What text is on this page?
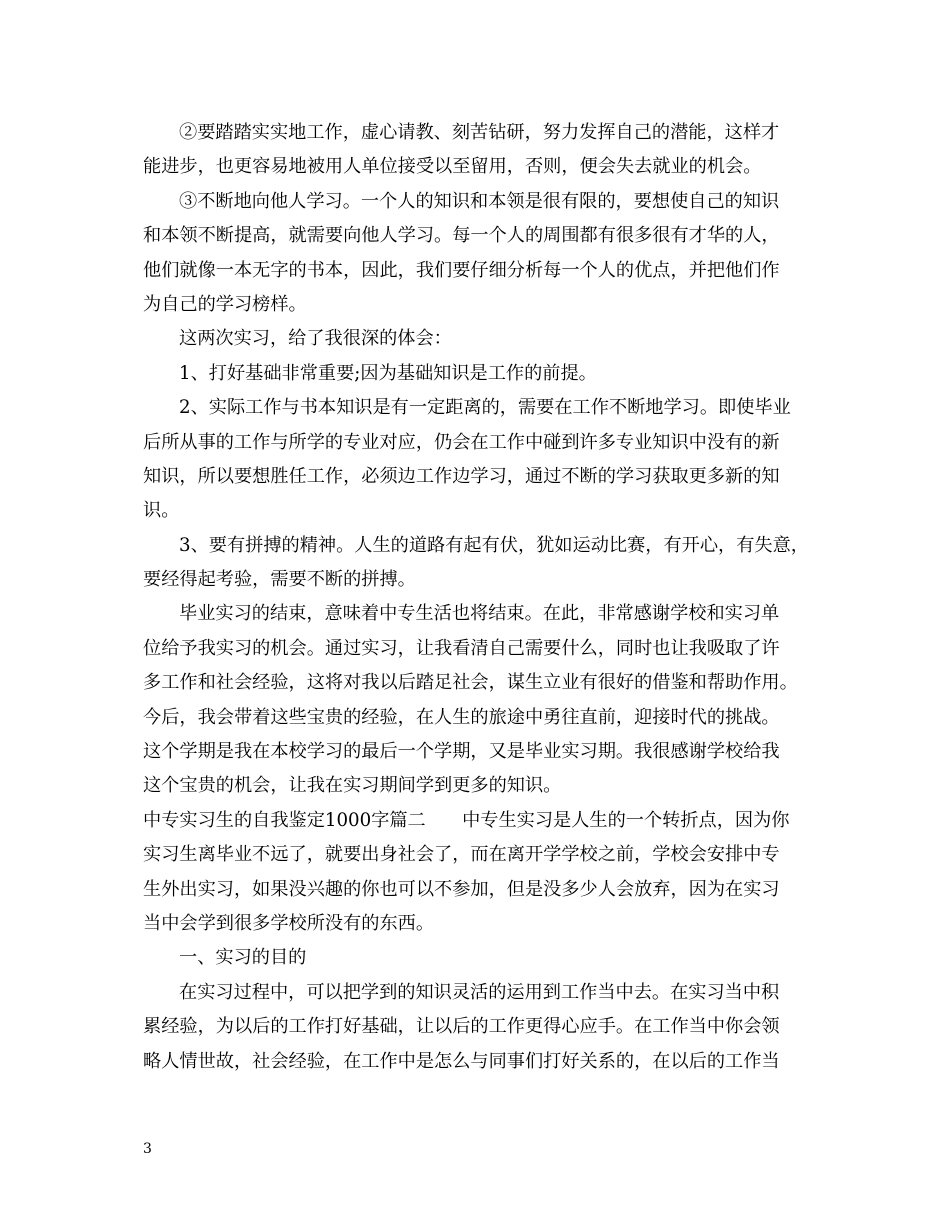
②要踏踏实实地工作，虚心请教、刻苦钻研，努力发挥自己的潜能，这样才
能进步，也更容易地被用人单位接受以至留用，否则，便会失去就业的机会。
③不断地向他人学习。一个人的知识和本领是很有限的，要想使自己的知识
和本领不断提高，就需要向他人学习。每一个人的周围都有很多很有才华的人，
他们就像一本无字的书本，因此，我们要仔细分析每一个人的优点，并把他们作
为自己的学习榜样。
这两次实习，给了我很深的体会：
1、打好基础非常重要;因为基础知识是工作的前提。
2、实际工作与书本知识是有一定距离的，需要在工作不断地学习。即使毕业
后所从事的工作与所学的专业对应，仍会在工作中碰到许多专业知识中没有的新
知识，所以要想胜任工作，必须边工作边学习，通过不断的学习获取更多新的知
识。
3、要有拼搏的精神。人生的道路有起有伏，犹如运动比赛，有开心，有失意，
要经得起考验，需要不断的拼搏。
毕业实习的结束，意味着中专生活也将结束。在此，非常感谢学校和实习单
位给予我实习的机会。通过实习，让我看清自己需要什么，同时也让我吸取了许
多工作和社会经验，这将对我以后踏足社会，谋生立业有很好的借鉴和帮助作用。
今后，我会带着这些宝贵的经验，在人生的旅途中勇往直前，迎接时代的挑战。
这个学期是我在本校学习的最后一个学期，又是毕业实习期。我很感谢学校给我
这个宝贵的机会，让我在实习期间学到更多的知识。
中专实习生的自我鉴定1000字篇二　　中专生实习是人生的一个转折点，因为你
实习生离毕业不远了，就要出身社会了，而在离开学学校之前，学校会安排中专
生外出实习，如果没兴趣的你也可以不参加，但是没多少人会放弃，因为在实习
当中会学到很多学校所没有的东西。
一、实习的目的
在实习过程中，可以把学到的知识灵活的运用到工作当中去。在实习当中积
累经验，为以后的工作打好基础，让以后的工作更得心应手。在工作当中你会领
略人情世故，社会经验，在工作中是怎么与同事们打好关系的，在以后的工作当
3
